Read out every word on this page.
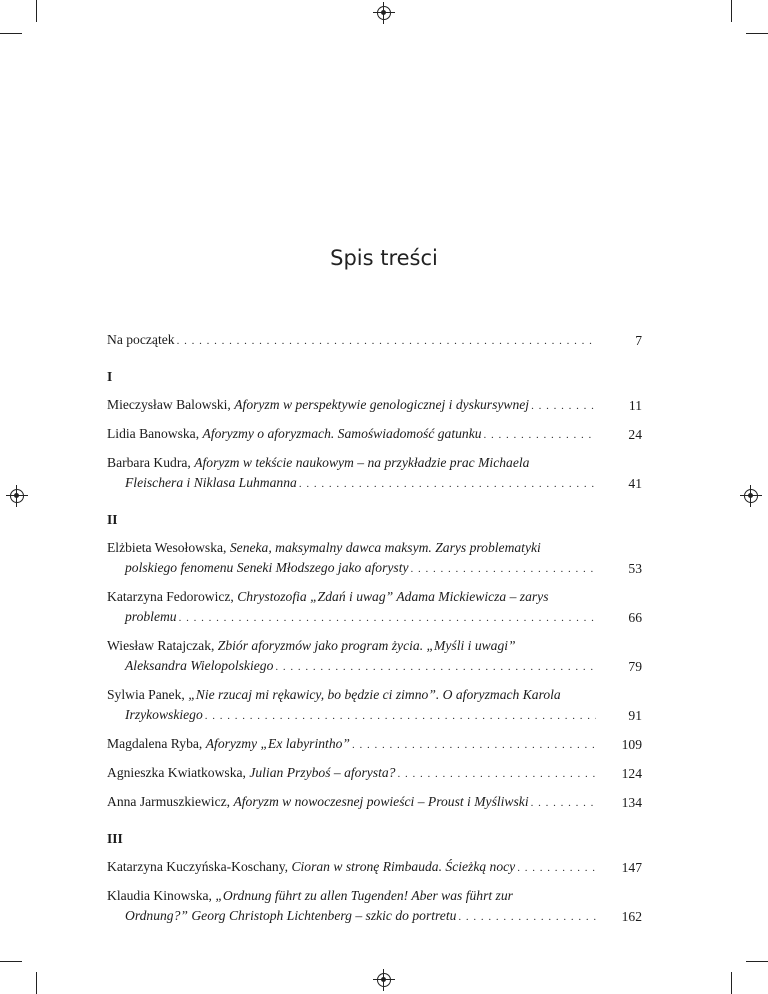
Spis treści
Na początek . . .	7
I
Mieczysław Balowski, Aforyzm w perspektywie genologicznej i dyskursywnej . . .	11
Lidia Banowska, Aforyzmy o aforyzmach. Samoświadomość gatunku . . .	24
Barbara Kudra, Aforyzm w tekście naukowym – na przykładzie prac Michaela
Fleischera i Niklasa Luhmanna . . .	41
II
Elżbieta Wesołowska, Seneka, maksymalny dawca maksym. Zarys problematyki
polskiego fenomenu Seneki Młodszego jako aforysty . . .	53
Katarzyna Fedorowicz, Chrystozofia „Zdań i uwag” Adama Mickiewicza – zarys
problemu . . .	66
Wiesław Ratajczak, Zbiór aforyzmów jako program życia. „Myśli i uwagi”
Aleksandra Wielopolskiego . . .	79
Sylwia Panek, „Nie rzucaj mi rękawicy, bo będzie ci zimno”. O aforyzmach Karola
Irzykowskiego . . .	91
Magdalena Ryba, Aforyzmy „Ex labyrintho” . . .	109
Agnieszka Kwiatkowska, Julian Przyboś – aforysta? . . .	124
Anna Jarmuszkiewicz, Aforyzm w nowoczesnej powieści – Proust i Myśliwski . . .	134
III
Katarzyna Kuczyńska-Koschany, Cioran w stronę Rimbauda. Ścieżką nocy . . .	147
Klaudia Kinowska, „Ordnung führt zu allen Tugenden! Aber was führt zur
Ordnung?” Georg Christoph Lichtenberg – szkic do portretu . . .	162
